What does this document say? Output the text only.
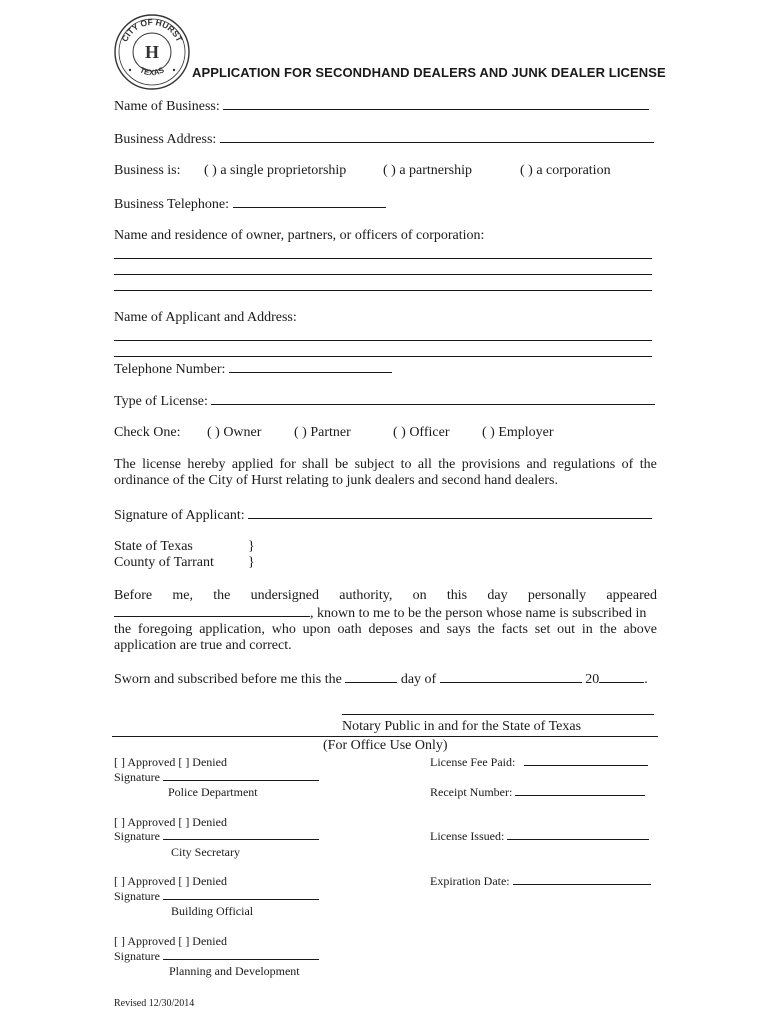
CITY OF HURST
TEXAS
H
APPLICATION FOR SECONDHAND DEALERS AND JUNK DEALER LICENSE
Name of Business:
Business Address:
Business is: ( ) a single proprietorship	( ) a partnership	( ) a corporation
Business Telephone:
Name and residence of owner, partners, or officers of corporation:
Name of Applicant and Address:
Telephone Number:
Type of License:
Check One: ( ) Owner ( ) Partner	( ) Officer ( ) Employer
The license hereby applied for shall be subject to all the provisions and regulations of the
ordinance of the City of Hurst relating to junk dealers and second hand dealers.
Signature of Applicant:
State of Texas	}
County of Tarrant }
Before me, the undersigned authority, on this day personally appeared
, known to me to be the person whose name is subscribed in
the foregoing application, who upon oath deposes and says the facts set out in the above
application are true and correct.
Sworn and subscribed before me this the	day of	20	.
Notary Public in and for the State of Texas
(For Office Use Only)
[ ] Approved [ ] Denied
Signature
Police Department
[ ] Approved [ ] Denied
Signature
City Secretary
[ ] Approved [ ] Denied
Signature
Building Official
[ ] Approved [ ] Denied
Signature
Planning and Development
License Fee Paid:
Receipt Number:
License Issued:
Expiration Date:
Revised 12/30/2014
